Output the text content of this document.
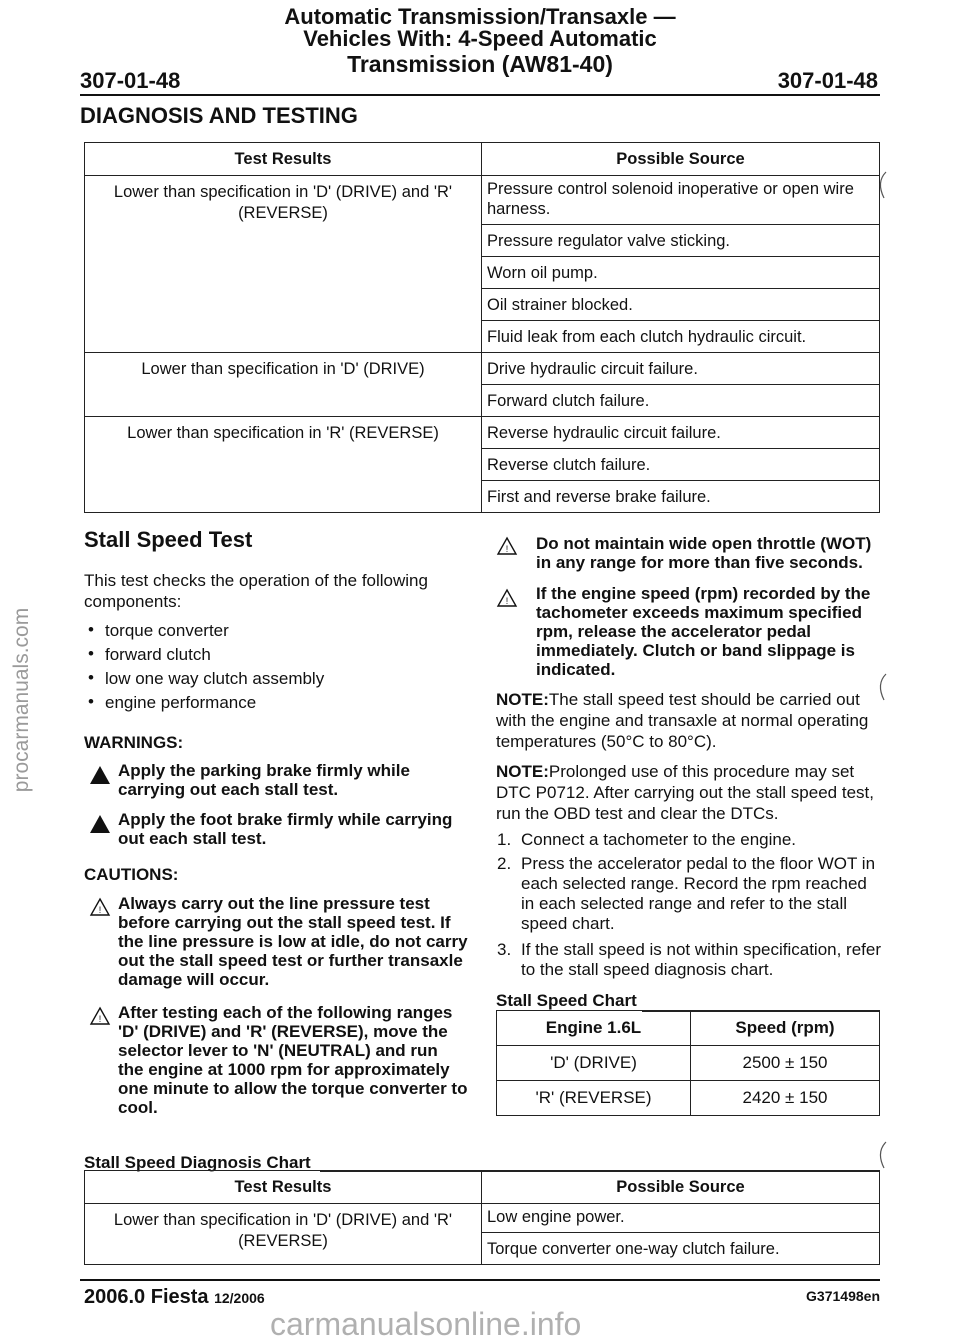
procarmanuals.com
Automatic Transmission/Transaxle —
Vehicles With: 4-Speed Automatic
Transmission (AW81-40)
307-01-48	307-01-48
DIAGNOSIS AND TESTING
Test Results	Possible Source
Lower than specification in 'D' (DRIVE) and 'R' (REVERSE)	Pressure control solenoid inoperative or open wire harness.
Pressure regulator valve sticking.
Worn oil pump.
Oil strainer blocked.
Fluid leak from each clutch hydraulic circuit.

Lower than specification in 'D' (DRIVE)	Drive hydraulic circuit failure.
Forward clutch failure.

Lower than specification in 'R' (REVERSE)	Reverse hydraulic circuit failure.
Reverse clutch failure.
First and reverse brake failure.
Stall Speed Test
This test checks the operation of the following components:
• torque converter
• forward clutch
• low one way clutch assembly
• engine performance
WARNINGS:
Apply the parking brake firmly while carrying out each stall test.
Apply the foot brake firmly while carrying out each stall test.
CAUTIONS:
! Always carry out the line pressure test before carrying out the stall speed test. If the line pressure is low at idle, do not carry out the stall speed test or further transaxle damage will occur.
! After testing each of the following ranges 'D' (DRIVE) and 'R' (REVERSE), move the selector lever to 'N' (NEUTRAL) and run the engine at 1000 rpm for approximately one minute to allow the torque converter to cool.
! Do not maintain wide open throttle (WOT) in any range for more than five seconds.
! If the engine speed (rpm) recorded by the tachometer exceeds maximum specified rpm, release the accelerator pedal immediately. Clutch or band slippage is indicated.
NOTE:The stall speed test should be carried out with the engine and transaxle at normal operating temperatures (50°C to 80°C).
NOTE:Prolonged use of this procedure may set DTC P0712. After carrying out the stall speed test, run the OBD test and clear the DTCs.
1. Connect a tachometer to the engine.
2. Press the accelerator pedal to the floor WOT in each selected range. Record the rpm reached in each selected range and refer to the stall speed chart.
3. If the stall speed is not within specification, refer to the stall speed diagnosis chart.
Stall Speed Chart
Engine 1.6L	Speed (rpm)
'D' (DRIVE)	2500 ± 150
'R' (REVERSE)	2420 ± 150
Stall Speed Diagnosis Chart
Test Results	Possible Source
Lower than specification in 'D' (DRIVE) and 'R' (REVERSE)	Low engine power.
Torque converter one-way clutch failure.
2006.0 Fiesta 12/2006	G371498en
carmanualsonline.info
